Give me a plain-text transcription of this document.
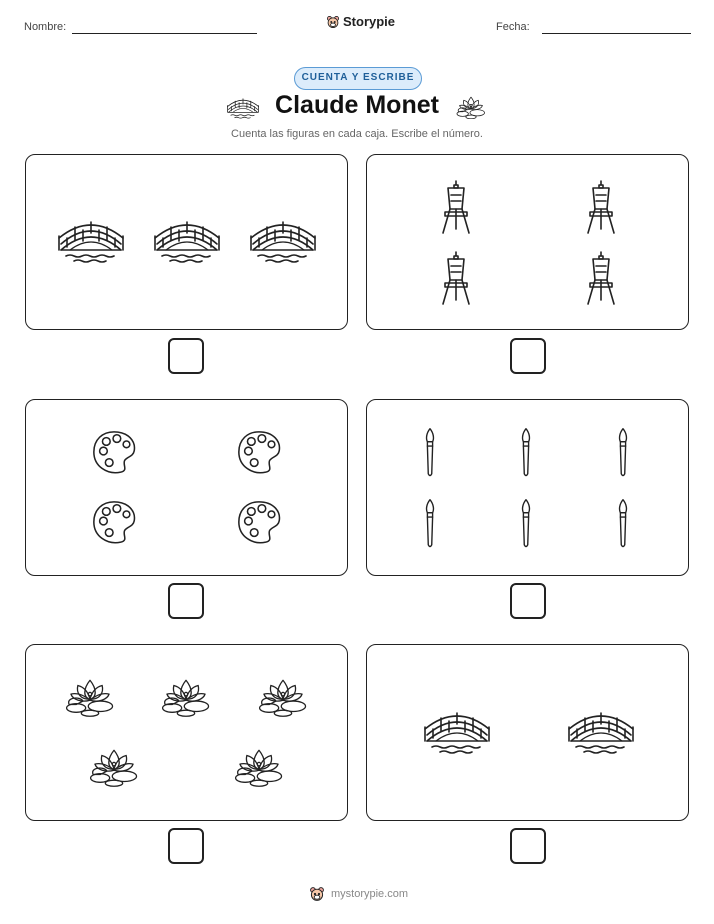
Nombre:	Storypie	Fecha:
CUENTA Y ESCRIBE
Claude Monet
Cuenta las figuras en cada caja. Escribe el número.
mystorypie.com
